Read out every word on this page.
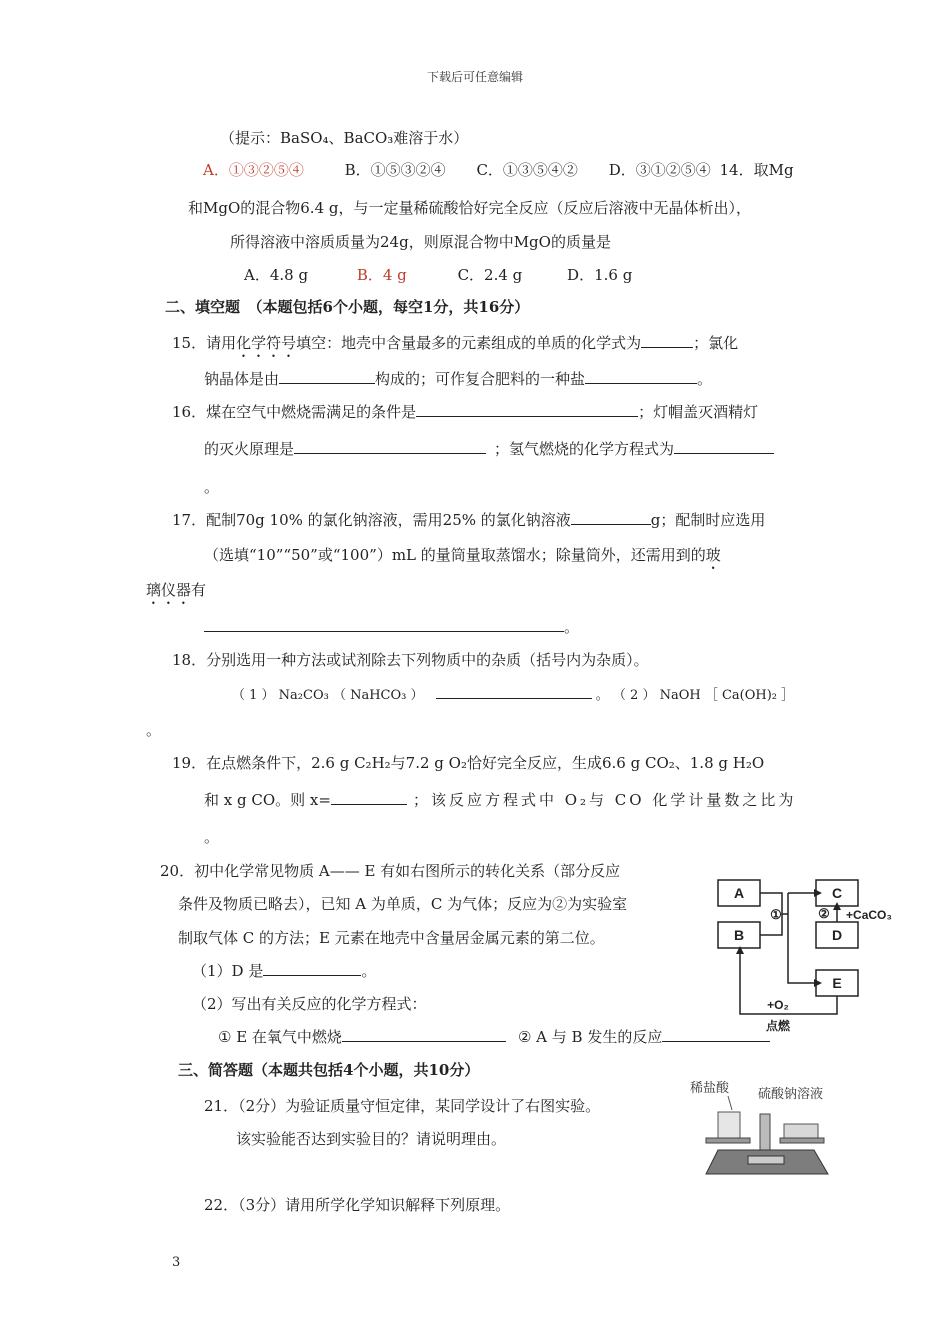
下载后可任意编辑
（提示：BaSO₄、BaCO₃难溶于水）
A．①③②⑤④	B．①⑤③②④ C．①③⑤④② D．③①②⑤④ 14．取Mg
和MgO的混合物6.4 g，与一定量稀硫酸恰好完全反应（反应后溶液中无晶体析出），
所得溶液中溶质质量为24g，则原混合物中MgO的质量是
A．4.8 g	B．4 g	C．2.4 g	D．1.6 g
二、填空题　（本题包括6个小题，每空1分，共16分）
15．请用化学符号填空：地壳中含量最多的元素组成的单质的化学式为	；氯化
钠晶体是由	构成的；可作复合肥料的一种盐	。
16．煤在空气中燃烧需满足的条件是	；灯帽盖灭酒精灯
的灭火原理是	；氢气燃烧的化学方程式为
。
17．配制70g 10% 的氯化钠溶液，需用25% 的氯化钠溶液	g；配制时应选用
（选填“10”“50”或“100”）mL 的量筒量取蒸馏水；除量筒外，还需用到的玻
璃仪器有
。
18．分别选用一种方法或试剂除去下列物质中的杂质（括号内为杂质）。
（ 1 ） Na₂CO₃ （ NaHCO₃ ）	。 （ 2 ） NaOH ［ Ca(OH)₂ ］
。
19．在点燃条件下，2.6 g C₂H₂与7.2 g O₂恰好完全反应，生成6.6 g CO₂、1.8 g H₂O
和 x g CO。则 x=	；该反应方程式中 O₂与 CO 化学计量数之比为
。
20．初中化学常见物质 A—— E 有如右图所示的转化关系（部分反应
条件及物质已略去），已知 A 为单质，C 为气体；反应为②为实验室
制取气体 C 的方法；E 元素在地壳中含量居金属元素的第二位。
（1）D 是	。
（2）写出有关反应的化学方程式：
① E 在氧气中燃烧	② A 与 B 发生的反应
A
B
C
D
E
①	② +CaCO₃
+O₂
点燃
三、简答题（本题共包括4个小题，共10分）
21．（2分）为验证质量守恒定律，某同学设计了右图实验。
该实验能否达到实验目的？请说明理由。
稀盐酸 硫酸钠溶液
22．（3分）请用所学化学知识解释下列原理。
3
